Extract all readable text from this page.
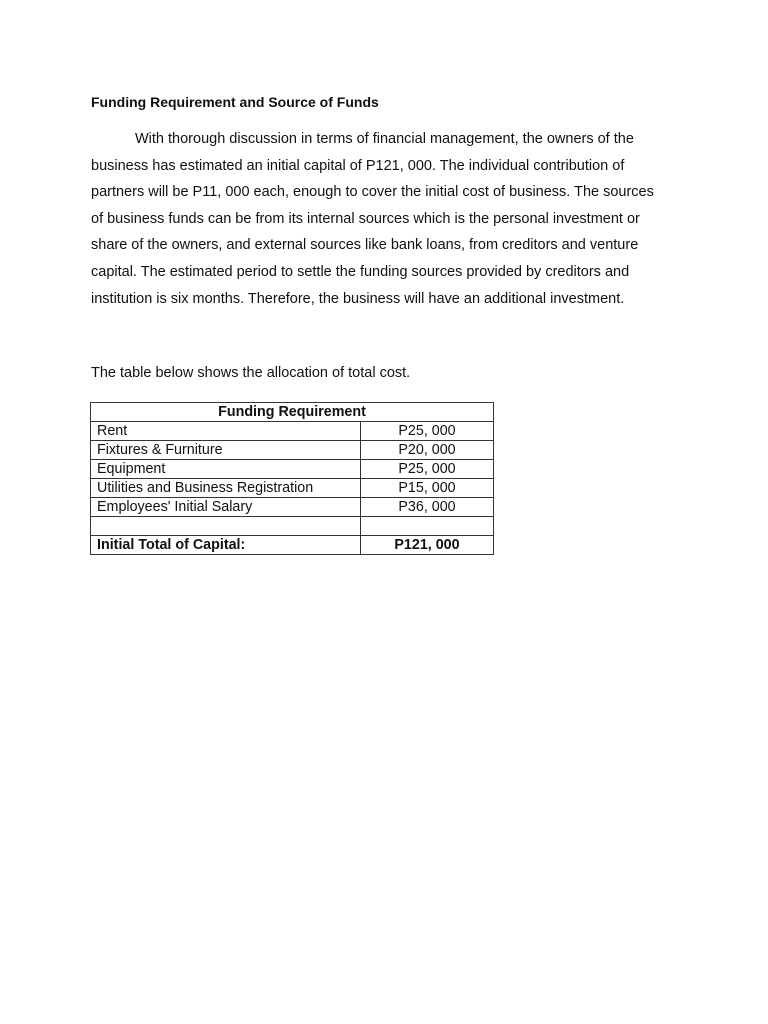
Funding Requirement and Source of Funds
With thorough discussion in terms of financial management, the owners of the
business has estimated an initial capital of P121, 000. The individual contribution of
partners will be P11, 000 each, enough to cover the initial cost of business. The sources
of business funds can be from its internal sources which is the personal investment or
share of the owners, and external sources like bank loans, from creditors and venture
capital. The estimated period to settle the funding sources provided by creditors and
institution is six months. Therefore, the business will have an additional investment.
The table below shows the allocation of total cost.
Funding Requirement	
Rent	P25, 000
Fixtures & Furniture	P20, 000
Equipment	P25, 000
Utilities and Business Registration	P15, 000
Employees' Initial Salary	P36, 000

Initial Total of Capital:	P121, 000
